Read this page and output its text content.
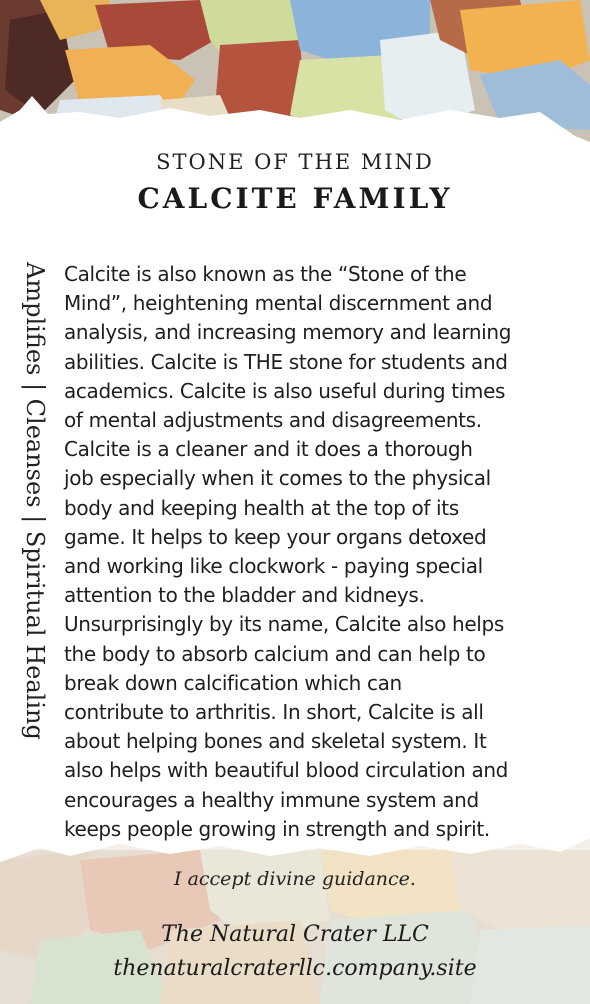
STONE OF THE MIND
CALCITE FAMILY
Amplifies | Cleanses | Spiritual Healing Calcite is also known as the “Stone of the
Mind”, heightening mental discernment and
analysis, and increasing memory and learning
abilities. Calcite is THE stone for students and
academics. Calcite is also useful during times
of mental adjustments and disagreements.
Calcite is a cleaner and it does a thorough
job especially when it comes to the physical
body and keeping health at the top of its
game. It helps to keep your organs detoxed
and working like clockwork - paying special
attention to the bladder and kidneys.
Unsurprisingly by its name, Calcite also helps
the body to absorb calcium and can help to
break down calcification which can
contribute to arthritis. In short, Calcite is all
about helping bones and skeletal system. It
also helps with beautiful blood circulation and
encourages a healthy immune system and
keeps people growing in strength and spirit.
I accept divine guidance.
The Natural Crater LLC
thenaturalcraterllc.company.site
